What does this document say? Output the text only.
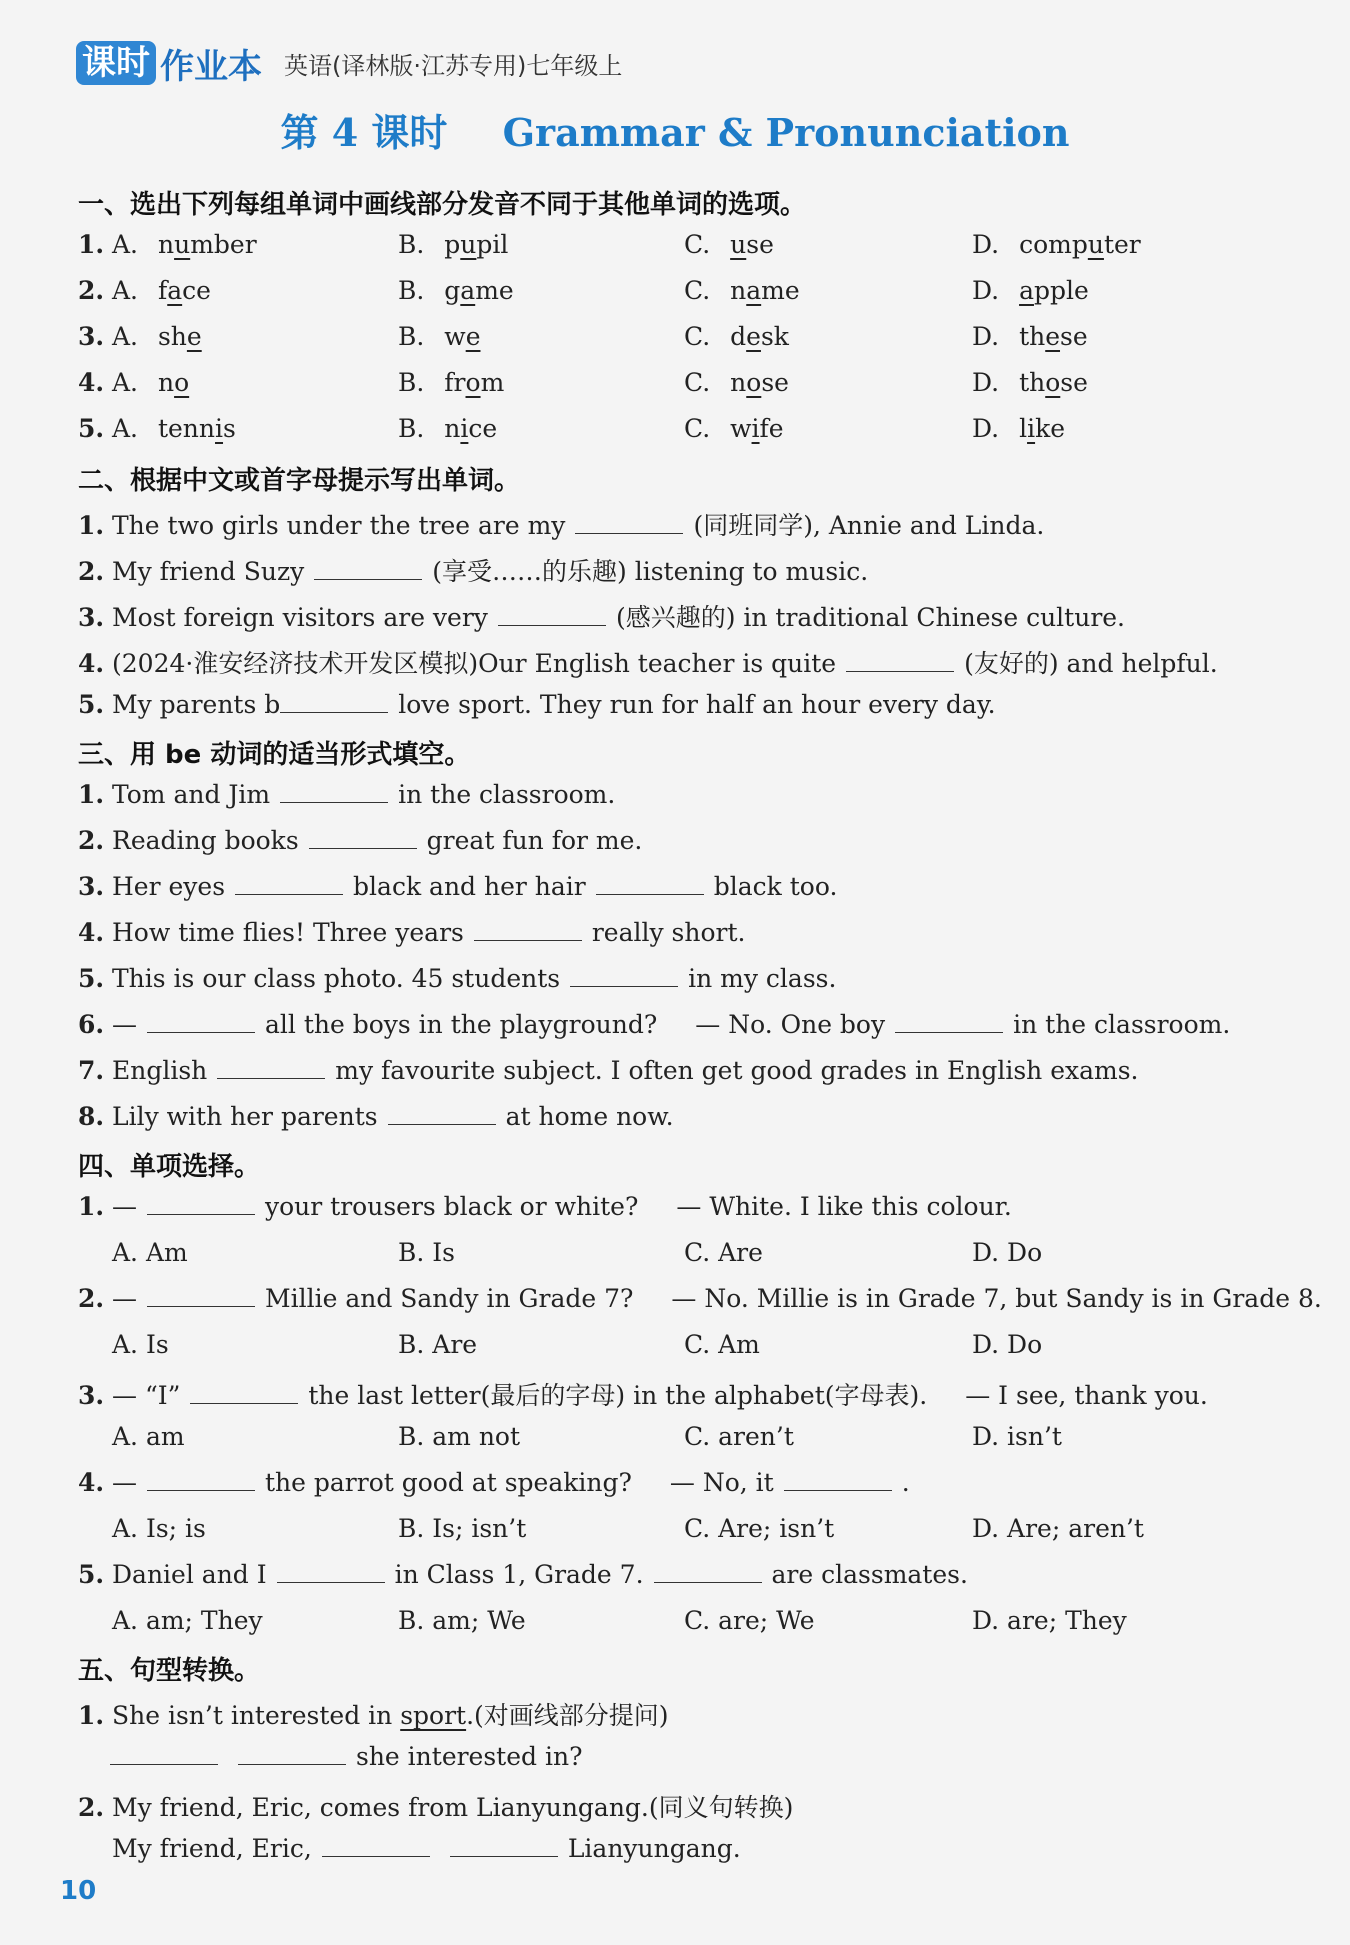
课时 作业本 英语(译林版·江苏专用)七年级上
第 4 课时 Grammar & Pronunciation
一、选出下列每组单词中画线部分发音不同于其他单词的选项。
1. A. number	B. pupil	C. use	D. computer
2. A. face	B. game	C. name	D. apple
3. A. she	B. we	C. desk	D. these
4. A. no	B. from	C. nose	D. those
5. A. tennis	B. nice	C. wife	D. like
二、根据中文或首字母提示写出单词。
1. The two girls under the tree are my	(同班同学), Annie and Linda.
2. My friend Suzy	(享受……的乐趣) listening to music.
3. Most foreign visitors are very	(感兴趣的) in traditional Chinese culture.
4. (2024·淮安经济技术开发区模拟)Our English teacher is quite	(友好的) and helpful.
5. My parents b	love sport. They run for half an hour every day.
三、用 be 动词的适当形式填空。
1. Tom and Jim	in the classroom.
2. Reading books	great fun for me.
3. Her eyes	black and her hair	black too.
4. How time flies! Three years	really short.
5. This is our class photo. 45 students	in my class.
6. —	all the boys in the playground? — No. One boy	in the classroom.
7. English	my favourite subject. I often get good grades in English exams.
8. Lily with her parents	at home now.
四、单项选择。
1. —	your trousers black or white? — White. I like this colour.
A. Am	B. Is	C. Are	D. Do
2. —	Millie and Sandy in Grade 7? — No. Millie is in Grade 7, but Sandy is in Grade 8.
A. Is	B. Are	C. Am	D. Do
3. — “I”	the last letter(最后的字母) in the alphabet(字母表). — I see, thank you.
A. am	B. am not	C. aren’t	D. isn’t
4. —	the parrot good at speaking? — No, it	.
A. Is; is	B. Is; isn’t	C. Are; isn’t	D. Are; aren’t
5. Daniel and I	in Class 1, Grade 7.	are classmates.
A. am; They	B. am; We	C. are; We	D. are; They
五、句型转换。
1. She isn’t interested in sport.(对画线部分提问)
she interested in?
2. My friend, Eric, comes from Lianyungang.(同义句转换)
My friend, Eric,	Lianyungang.
10
